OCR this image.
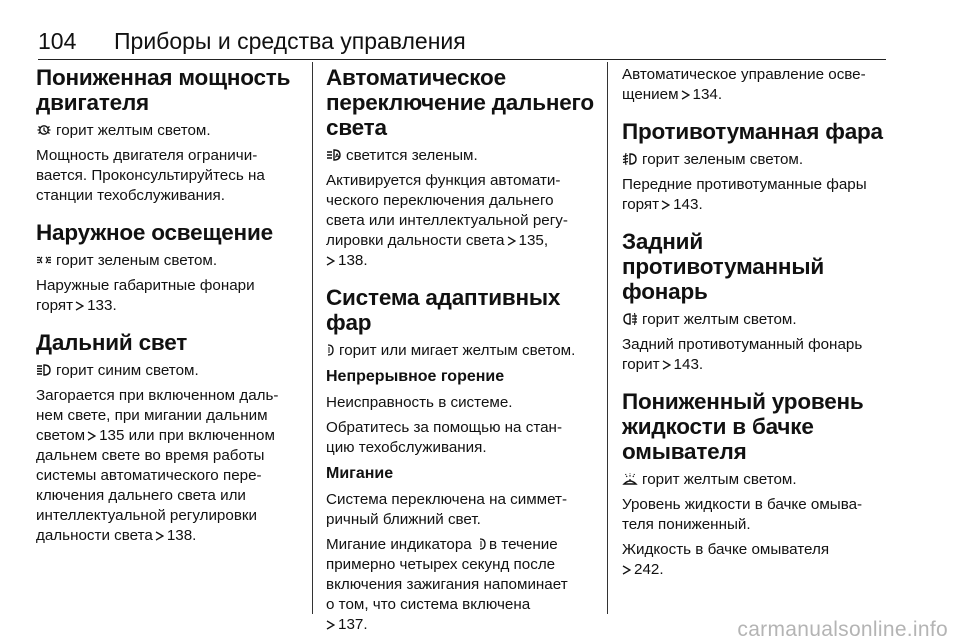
104 Приборы и средства управления
Пониженная мощность
двигателя

горит желтым светом.

Мощность двигателя ограничи-
вается. Проконсультируйтесь на
станции техобслуживания.

Наружное освещение

горит зеленым светом.

Наружные габаритные фонари
горят 133.

Дальний свет

горит синим светом.

Загорается при включенном даль-
нем свете, при мигании дальним
светом 135 или при включенном
дальнем свете во время работы
системы автоматического пере-
ключения дальнего света или
интеллектуальной регулировки
дальности света 138.

Автоматическое
переключение дальнего
света

A светится зеленым.

Активируется функция автомати-
ческого переключения дальнего
света или интеллектуальной регу-
лировки дальности света 135,
138.

Система адаптивных фар

горит или мигает желтым светом.

Непрерывное горение

Неисправность в системе.

Обратитесь за помощью на стан-
цию техобслуживания.

Мигание

Система переключена на симмет-
ричный ближний свет.

Мигание индикатора в течение
примерно четырех секунд после
включения зажигания напоминает
о том, что система включена
137.

Автоматическое управление осве-
щением 134.

Противотуманная фара

горит зеленым светом.

Передние противотуманные фары
горят 143.

Задний противотуманный
фонарь

горит желтым светом.

Задний противотуманный фонарь
горит 143.

Пониженный уровень
жидкости в бачке
омывателя

горит желтым светом.

Уровень жидкости в бачке омыва-
теля пониженный.

Жидкость в бачке омывателя
242.

carmanualsonline.info
